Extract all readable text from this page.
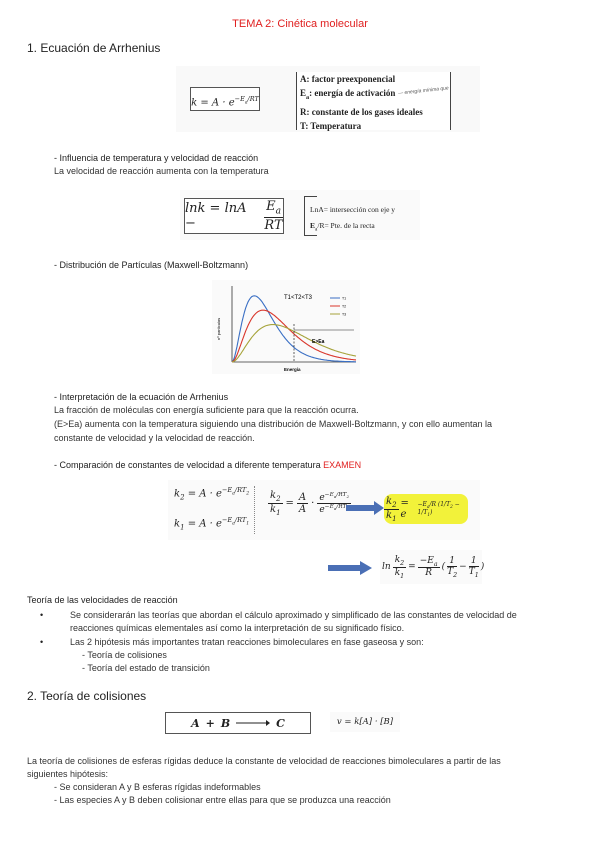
TEMA 2: Cinética molecular
1. Ecuación de Arrhenius
$k = A \cdot e^{-E_a/RT}$
A: factor preexponencial
$E_a$: energía de activación
R: constante de los gases ideales
T: Temperatura
— energía mínima que
- Influencia de temperatura y velocidad de reacción
La velocidad de reacción aumenta con la temperatura
lnk = lnA −	$\frac{E_a}{RT}$	LnA= intersección con eje y
$E_a/R=$ Pte. de la recta
- Distribución de Partículas (Maxwell-Boltzmann)
T1<T2<T3
nº partículas
Energía
T1
T2
T3
E>Ea
- Interpretación de la ecuación de Arrhenius
La fracción de moléculas con energía suficiente para que la reacción ocurra.
(E>Ea) aumenta con la temperatura siguiendo una distribución de Maxwell-Boltzmann, y con ello aumentan la
constante de velocidad y la velocidad de reacción.
- Comparación de constantes de velocidad a diferente temperatura EXAMEN
$k_2 = A \cdot e^{-E_a/RT_2}$
$k_1 = A \cdot e^{-E_a/RT_1}$
$\frac{k_2}{k_1} = \frac{A}{A} \cdot \frac{e^{-E_a/RT_2}}{e^{-E_a/RT}}$	$\frac{k_2}{k_1} = e$
$-E_a/R$ $(1/T_2 - 1/T_1)$
$\ln \frac{k_2}{k_1} = \frac{-E_a}{R}$ ( $\frac{1}{T_2} - \frac{1}{T_1}$ )
Teoría de las velocidades de reacción
•	Se considerarán las teorías que abordan el cálculo aproximado y simplificado de las constantes de velocidad de
reacciones químicas elementales así como la interpretación de su significado físico.
•	Las 2 hipótesis más importantes tratan reacciones bimoleculares en fase gaseosa y son:
- Teoría de colisiones
- Teoría del estado de transición
2. Teoría de colisiones
A + B → C	v = k[A] · [B]
La teoría de colisiones de esferas rígidas deduce la constante de velocidad de reacciones bimoleculares a partir de las
siguientes hipótesis:
- Se consideran A y B esferas rígidas indeformables
- Las especies A y B deben colisionar entre ellas para que se produzca una reacción
